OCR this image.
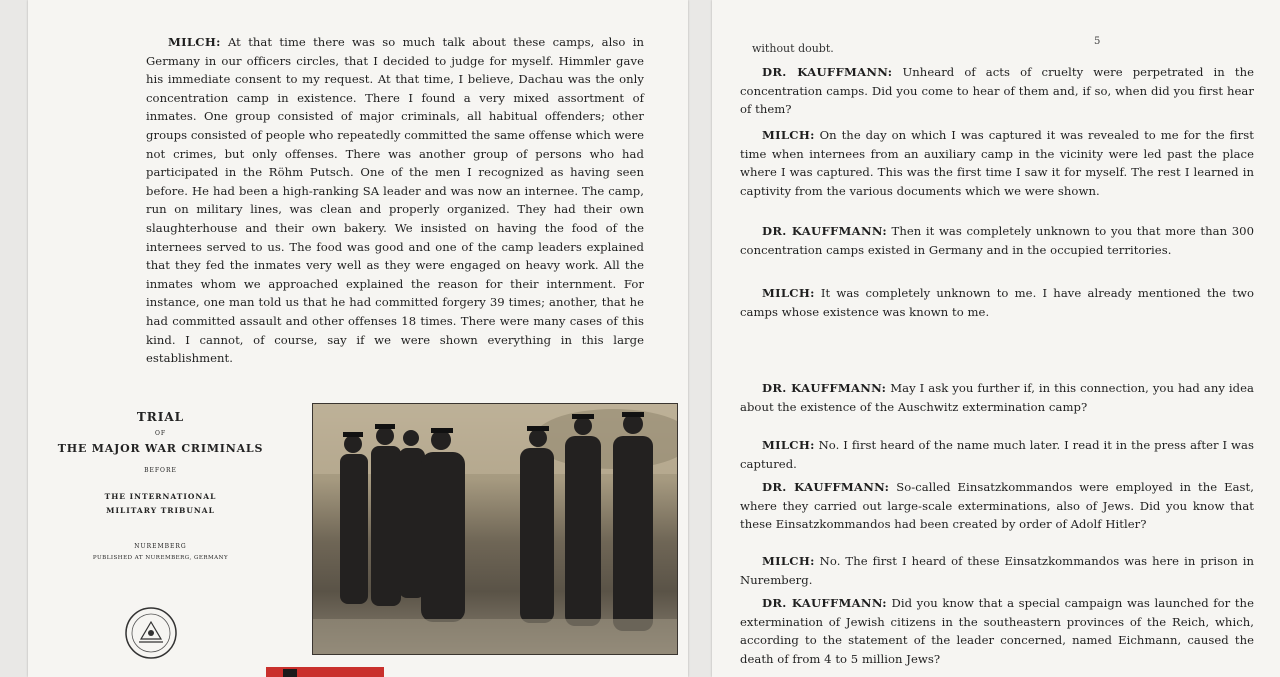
MILCH: At that time there was so much talk about these camps, also in Germany in our officers circles, that I decided to judge for myself. Himmler gave his immediate consent to my request. At that time, I believe, Dachau was the only concentration camp in existence. There I found a very mixed assortment of inmates. One group consisted of major criminals, all habitual offenders; other groups consisted of people who repeatedly committed the same offense which were not crimes, but only offenses. There was another group of persons who had participated in the Röhm Putsch. One of the men I recognized as having seen before. He had been a high-ranking SA leader and was now an internee. The camp, run on military lines, was clean and properly organized. They had their own slaughterhouse and their own bakery. We insisted on having the food of the internees served to us. The food was good and one of the camp leaders explained that they fed the inmates very well as they were engaged on heavy work. All the inmates whom we approached explained the reason for their internment. For instance, one man told us that he had committed forgery 39 times; another, that he had committed assault and other offenses 18 times. There were many cases of this kind. I cannot, of course, say if we were shown everything in this large establishment.

TRIAL
OF
THE MAJOR WAR CRIMINALS
BEFORE
THE INTERNATIONAL
MILITARY TRIBUNAL
NUREMBERG
PUBLISHED AT NUREMBERG, GERMANY
without doubt.
5

DR. KAUFFMANN: Unheard of acts of cruelty were perpetrated in the concentration camps. Did you come to hear of them and, if so, when did you first hear of them?

MILCH: On the day on which I was captured it was revealed to me for the first time when internees from an auxiliary camp in the vicinity were led past the place where I was captured. This was the first time I saw it for myself. The rest I learned in captivity from the various documents which we were shown.

DR. KAUFFMANN: Then it was completely unknown to you that more than 300 concentration camps existed in Germany and in the occupied territories.

MILCH: It was completely unknown to me. I have already mentioned the two camps whose existence was known to me.

DR. KAUFFMANN: May I ask you further if, in this connection, you had any idea about the existence of the Auschwitz extermination camp?

MILCH: No. I first heard of the name much later. I read it in the press after I was captured.

DR. KAUFFMANN: So-called Einsatzkommandos were employed in the East, where they carried out large-scale exterminations, also of Jews. Did you know that these Einsatzkommandos had been created by order of Adolf Hitler?

MILCH: No. The first I heard of these Einsatzkommandos was here in prison in Nuremberg.

DR. KAUFFMANN: Did you know that a special campaign was launched for the extermination of Jewish citizens in the southeastern provinces of the Reich, which, according to the statement of the leader concerned, named Eichmann, caused the death of from 4 to 5 million Jews?
